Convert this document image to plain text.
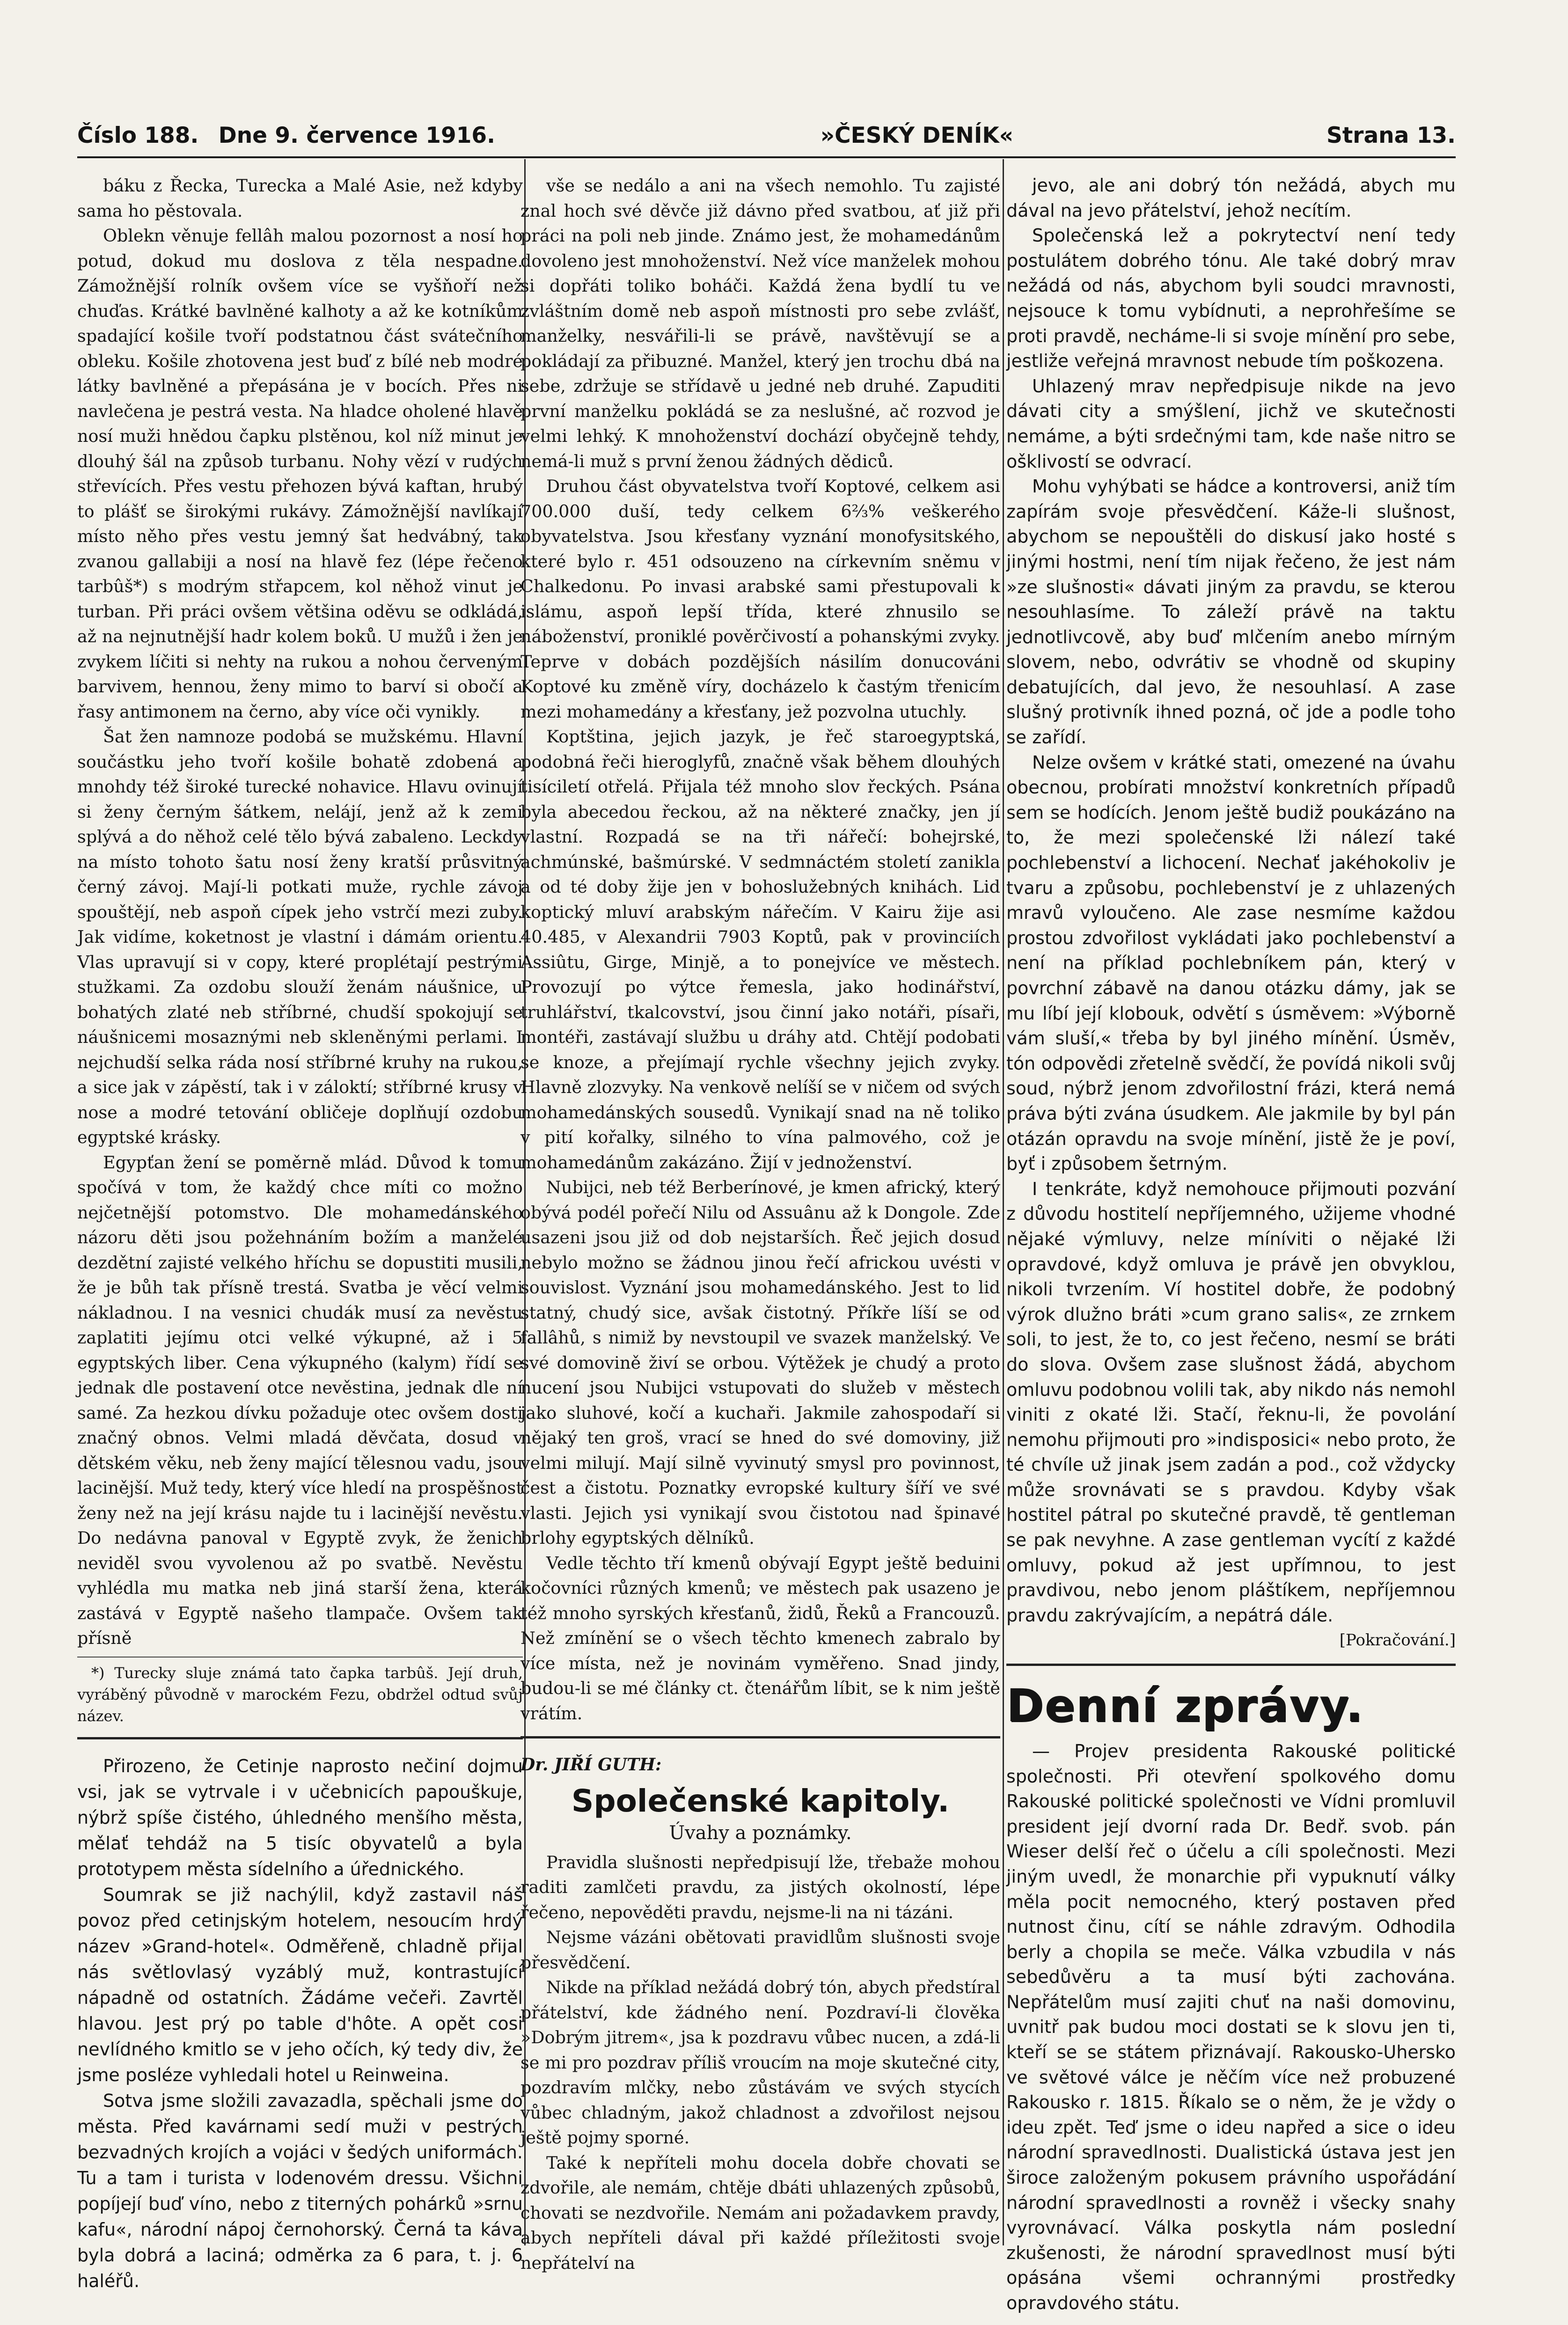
Číslo 188. Dne 9. července 1916.	»ČESKÝ DENÍK«	Strana 13.

báku z Řecka, Turecka a Malé Asie, než kdyby sama ho pěstovala.

Oblekn věnuje fellâh malou pozornost a nosí ho potud, dokud mu doslova z těla nespadne. Zámožnější rolník ovšem více se vyšňoří než chuďas. Krátké bavlněné kalhoty a až ke kotníkům spadající košile tvoří podstatnou část svátečního obleku. Košile zhotovena jest buď z bílé neb modré látky bavlněné a přepásána je v bocích. Přes ni navlečena je pestrá vesta. Na hladce oholené hlavě nosí muži hnědou čapku plstěnou, kol níž minut je dlouhý šál na způsob turbanu. Nohy vězí v rudých střevících. Přes vestu přehozen bývá kaftan, hrubý to plášť se širokými rukávy. Zámožnější navlíkají místo něho přes vestu jemný šat hedvábný, tak zvanou gallabiji a nosí na hlavě fez (lépe řečeno tarbûš*) s modrým střapcem, kol něhož vinut je turban. Při práci ovšem většina oděvu se odkládá, až na nejnutnější hadr kolem boků. U mužů i žen je zvykem líčiti si nehty na rukou a nohou červeným barvivem, hennou, ženy mimo to barví si obočí a řasy antimonem na černo, aby více oči vynikly.

Šat žen namnoze podobá se mužskému. Hlavní součástku jeho tvoří košile bohatě zdobená a mnohdy též široké turecké nohavice. Hlavu ovinují si ženy černým šátkem, nelájí, jenž až k zemi splývá a do něhož celé tělo bývá zabaleno. Leckdy na místo tohoto šatu nosí ženy kratší průsvitný černý závoj. Mají-li potkati muže, rychle závoj spouštějí, neb aspoň cípek jeho vstrčí mezi zuby. Jak vidíme, koketnost je vlastní i dámám orientu. Vlas upravují si v copy, které proplétají pestrými stužkami. Za ozdobu slouží ženám náušnice, u bohatých zlaté neb stříbrné, chudší spokojují se náušnicemi mosaznými neb skleněnými perlami. I nejchudší selka ráda nosí stříbrné kruhy na rukou, a sice jak v zápěstí, tak i v záloktí; stříbrné krusy v nose a modré tetování obličeje doplňují ozdobu egyptské krásky.

Egypťan žení se poměrně mlád. Důvod k tomu spočívá v tom, že každý chce míti co možno nejčetnější potomstvo. Dle mohamedánského názoru děti jsou požehnáním božím a manželé dezdětní zajisté velkého hříchu se dopustiti musili, že je bůh tak přísně trestá. Svatba je věcí velmi nákladnou. I na vesnici chudák musí za nevěstu zaplatiti jejímu otci velké výkupné, až i 5 egyptských liber. Cena výkupného (kalym) řídí se jednak dle postavení otce nevěstina, jednak dle ní samé. Za hezkou dívku požaduje otec ovšem dosti značný obnos. Velmi mladá děvčata, dosud v dětském věku, neb ženy mající tělesnou vadu, jsou lacinější. Muž tedy, který více hledí na prospěšnost ženy než na její krásu najde tu i lacinější nevěstu. Do nedávna panoval v Egyptě zvyk, že ženich neviděl svou vyvolenou až po svatbě. Nevěstu vyhlédla mu matka neb jiná starší žena, která zastává v Egyptě našeho tlampače. Ovšem tak přísně

*) Turecky sluje známá tato čapka tarbûš. Její druh, vyráběný původně v marockém Fezu, obdržel odtud svůj název.

Přirozeno, že Cetinje naprosto nečiní dojmu vsi, jak se vytrvale i v učebnicích papouškuje, nýbrž spíše čistého, úhledného menšího města, mělať tehdáž na 5 tisíc obyvatelů a byla prototypem města sídelního a úřednického.

Soumrak se již nachýlil, když zastavil náš povoz před cetinjským hotelem, nesoucím hrdý název »Grand-hotel«. Odměřeně, chladně přijal nás světlovlasý vyzáblý muž, kontrastující nápadně od ostatních. Žádáme večeři. Zavrtěl hlavou. Jest prý po table d'hôte. A opět cosi nevlídného kmitlo se v jeho očích, ký tedy div, že jsme posléze vyhledali hotel u Reinweina.

Sotva jsme složili zavazadla, spěchali jsme do města. Před kavárnami sedí muži v pestrých bezvadných krojích a vojáci v šedých uniformách. Tu a tam i turista v lodenovém dressu. Všichni popíjejí buď víno, nebo z titerných pohárků »srnu kafu«, národní nápoj černohorský. Černá ta káva byla dobrá a laciná; odměrka za 6 para, t. j. 6 haléřů.

vše se nedálo a ani na všech nemohlo. Tu zajisté znal hoch své děvče již dávno před svatbou, ať již při práci na poli neb jinde. Známo jest, že mohamedánům dovoleno jest mnohoženství. Než více manželek mohou si dopřáti toliko boháči. Každá žena bydlí tu ve zvláštním domě neb aspoň místnosti pro sebe zvlášť, manželky, nesvářili-li se právě, navštěvují se a pokládají za přibuzné. Manžel, který jen trochu dbá na sebe, zdržuje se střídavě u jedné neb druhé. Zapuditi první manželku pokládá se za neslušné, ač rozvod je velmi lehký. K mnohoženství dochází obyčejně tehdy, nemá-li muž s první ženou žádných dědiců.

Druhou část obyvatelstva tvoří Koptové, celkem asi 700.000 duší, tedy celkem 6⅔% veškerého obyvatelstva. Jsou křesťany vyznání monofysitského, které bylo r. 451 odsouzeno na církevním sněmu v Chalkedonu. Po invasi arabské sami přestupovali k islámu, aspoň lepší třída, které zhnusilo se náboženství, proniklé pověrčivostí a pohanskými zvyky. Teprve v dobách pozdějších násilím donucováni Koptové ku změně víry, docházelo k častým třenicím mezi mohamedány a křesťany, jež pozvolna utuchly.

Koptština, jejich jazyk, je řeč staroegyptská, podobná řeči hieroglyfů, značně však během dlouhých tisíciletí otřelá. Přijala též mnoho slov řeckých. Psána byla abecedou řeckou, až na některé značky, jen jí vlastní. Rozpadá se na tři nářečí: bohejrské, achmúnské, bašmúrské. V sedmnáctém století zanikla a od té doby žije jen v bohoslužebných knihách. Lid koptický mluví arabským nářečím. V Kairu žije asi 40.485, v Alexandrii 7903 Koptů, pak v provinciích Assiûtu, Girge, Minjě, a to ponejvíce ve městech. Provozují po výtce řemesla, jako hodinářství, truhlářství, tkalcovství, jsou činní jako notáři, písaři, montéři, zastávají službu u dráhy atd. Chtějí podobati se knoze, a přejímají rychle všechny jejich zvyky. Hlavně zlozvyky. Na venkově nelíší se v ničem od svých mohamedánských sousedů. Vynikají snad na ně toliko v pití kořalky, silného to vína palmového, což je mohamedánům zakázáno. Žijí v jednoženství.

Nubijci, neb též Berberínové, je kmen africký, který obývá podél pořečí Nilu od Assuânu až k Dongole. Zde usazeni jsou již od dob nejstarších. Řeč jejich dosud nebylo možno se žádnou jinou řečí africkou uvésti v souvislost. Vyznání jsou mohamedánského. Jest to lid statný, chudý sice, avšak čistotný. Příkře líší se od fallâhů, s nimiž by nevstoupil ve svazek manželský. Ve své domovině živí se orbou. Výtěžek je chudý a proto nucení jsou Nubijci vstupovati do služeb v městech jako sluhové, kočí a kuchaři. Jakmile zahospodaří si nějaký ten groš, vrací se hned do své domoviny, již velmi milují. Mají silně vyvinutý smysl pro povinnost, čest a čistotu. Poznatky evropské kultury šíří ve své vlasti. Jejich ysi vynikají svou čistotou nad špinavé brlohy egyptských dělníků.

Vedle těchto tří kmenů obývají Egypt ještě beduini kočovníci různých kmenů; ve městech pak usazeno je též mnoho syrských křesťanů, židů, Řeků a Francouzů. Než zmínění se o všech těchto kmenech zabralo by více místa, než je novinám vyměřeno. Snad jindy, budou-li se mé články ct. čtenářům líbit, se k nim ještě vrátím.

Dr. JIŘÍ GUTH:
Společenské kapitoly.
Úvahy a poznámky.

Pravidla slušnosti nepředpisují lže, třebaže mohou raditi zamlčeti pravdu, za jistých okolností, lépe řečeno, nepověděti pravdu, nejsme-li na ni tázáni.

Nejsme vázáni obětovati pravidlům slušnosti svoje přesvědčení.

Nikde na příklad nežádá dobrý tón, abych předstíral přátelství, kde žádného není. Pozdraví-li člověka »Dobrým jitrem«, jsa k pozdravu vůbec nucen, a zdá-li se mi pro pozdrav příliš vroucím na moje skutečné city, pozdravím mlčky, nebo zůstávám ve svých stycích vůbec chladným, jakož chladnost a zdvořilost nejsou ještě pojmy sporné.

Také k nepříteli mohu docela dobře chovati se zdvořile, ale nemám, chtěje dbáti uhlazených způsobů, chovati se nezdvořile. Nemám ani požadavkem pravdy, abych nepříteli dával při každé příležitosti svoje nepřátelví na

jevo, ale ani dobrý tón nežádá, abych mu dával na jevo přátelství, jehož necítím.

Společenská lež a pokrytectví není tedy postulátem dobrého tónu. Ale také dobrý mrav nežádá od nás, abychom byli soudci mravnosti, nejsouce k tomu vybídnuti, a neprohřešíme se proti pravdě, necháme-li si svoje mínění pro sebe, jestliže veřejná mravnost nebude tím poškozena.

Uhlazený mrav nepředpisuje nikde na jevo dávati city a smýšlení, jichž ve skutečnosti nemáme, a býti srdečnými tam, kde naše nitro se ošklivostí se odvrací.

Mohu vyhýbati se hádce a kontroversi, aniž tím zapírám svoje přesvědčení. Káže-li slušnost, abychom se nepouštěli do diskusí jako hosté s jinými hostmi, není tím nijak řečeno, že jest nám »ze slušnosti« dávati jiným za pravdu, se kterou nesouhlasíme. To záleží právě na taktu jednotlivcově, aby buď mlčením anebo mírným slovem, nebo, odvrátiv se vhodně od skupiny debatujících, dal jevo, že nesouhlasí. A zase slušný protivník ihned pozná, oč jde a podle toho se zařídí.

Nelze ovšem v krátké stati, omezené na úvahu obecnou, probírati množství konkretních případů sem se hodících. Jenom ještě budiž poukázáno na to, že mezi společenské lži nálezí také pochlebenství a lichocení. Nechať jakéhokoliv je tvaru a způsobu, pochlebenství je z uhlazených mravů vyloučeno. Ale zase nesmíme každou prostou zdvořilost vykládati jako pochlebenství a není na příklad pochlebníkem pán, který v povrchní zábavě na danou otázku dámy, jak se mu líbí její klobouk, odvětí s úsměvem: »Výborně vám sluší,« třeba by byl jiného mínění. Úsměv, tón odpovědi zřetelně svědčí, že povídá nikoli svůj soud, nýbrž jenom zdvořilostní frázi, která nemá práva býti zvána úsudkem. Ale jakmile by byl pán otázán opravdu na svoje mínění, jistě že je poví, byť i způsobem šetrným.

I tenkráte, když nemohouce přijmouti pozvání z důvodu hostitelí nepříjemného, užijeme vhodné nějaké výmluvy, nelze míníviti o nějaké lži opravdové, když omluva je právě jen obvyklou, nikoli tvrzením. Ví hostitel dobře, že podobný výrok dlužno bráti »cum grano salis«, ze zrnkem soli, to jest, že to, co jest řečeno, nesmí se bráti do slova. Ovšem zase slušnost žádá, abychom omluvu podobnou volili tak, aby nikdo nás nemohl viniti z okaté lži. Stačí, řeknu-li, že povolání nemohu přijmouti pro »indisposici« nebo proto, že té chvíle už jinak jsem zadán a pod., což vždycky může srovnávati se s pravdou. Kdyby však hostitel pátral po skutečné pravdě, tě gentleman se pak nevyhne. A zase gentleman vycítí z každé omluvy, pokud až jest upřímnou, to jest pravdivou, nebo jenom pláštíkem, nepříjemnou pravdu zakrývajícím, a nepátrá dále.

[Pokračování.]
Denní zprávy.

— Projev presidenta Rakouské politické společnosti. Při otevření spolkového domu Rakouské politické společnosti ve Vídni promluvil president její dvorní rada Dr. Bedř. svob. pán Wieser delší řeč o účelu a cíli společnosti. Mezi jiným uvedl, že monarchie při vypuknutí války měla pocit nemocného, který postaven před nutnost činu, cítí se náhle zdravým. Odhodila berly a chopila se meče. Válka vzbudila v nás sebedůvěru a ta musí býti zachována. Nepřátelům musí zajiti chuť na naši domovinu, uvnitř pak budou moci dostati se k slovu jen ti, kteří se se státem přiznávají. Rakousko-Uhersko ve světové válce je něčím více než probuzené Rakousko r. 1815. Říkalo se o něm, že je vždy o ideu zpět. Teď jsme o ideu napřed a sice o ideu národní spravedlnosti. Dualistická ústava jest jen široce založeným pokusem právního uspořádání národní spravedlnosti a rovněž i všecky snahy vyrovnávací. Válka poskytla nám poslední zkušenosti, že národní spravedlnost musí býti opásána všemi ochrannými prostředky opravdového státu.
